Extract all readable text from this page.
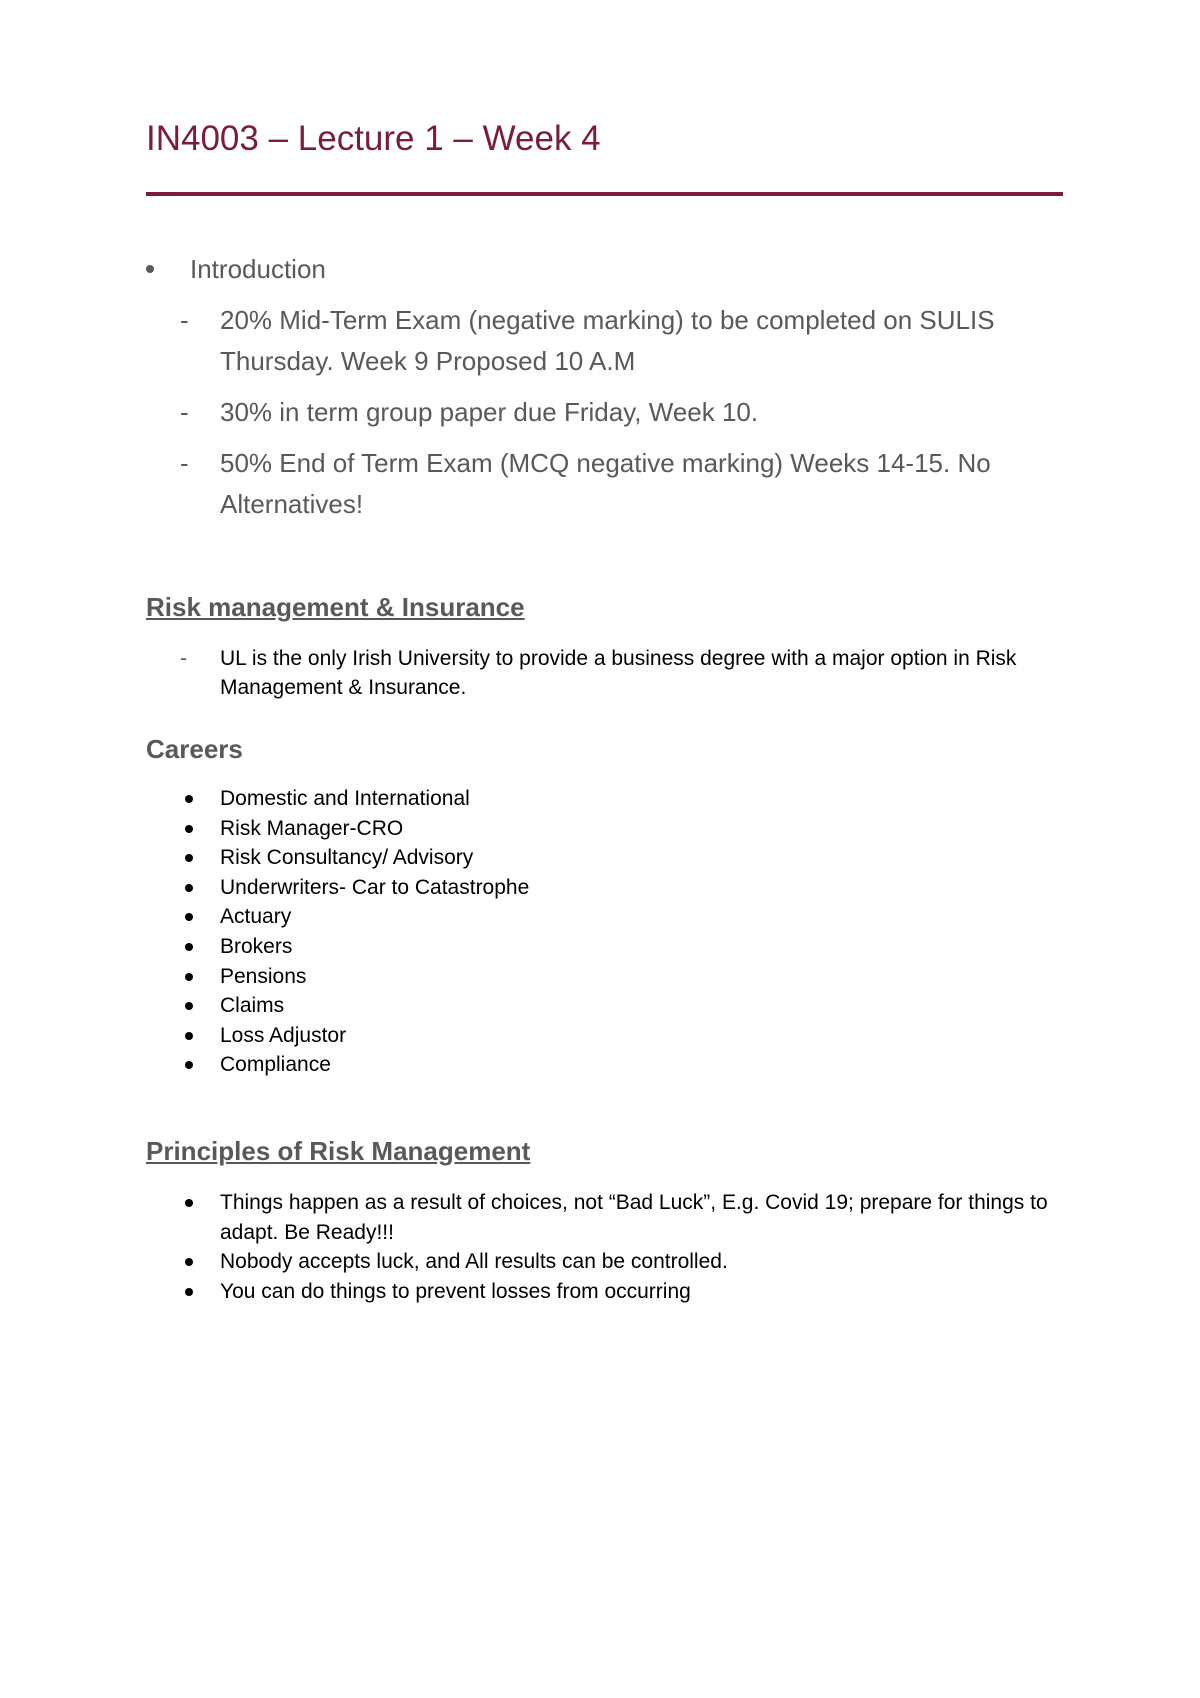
IN4003 – Lecture 1 – Week 4
Introduction
- 20% Mid-Term Exam (negative marking) to be completed on SULIS Thursday. Week 9 Proposed 10 A.M
- 30% in term group paper due Friday, Week 10.
- 50% End of Term Exam (MCQ negative marking) Weeks 14-15. No Alternatives!
Risk management & Insurance
- UL is the only Irish University to provide a business degree with a major option in Risk Management & Insurance.
Careers
Domestic and International
Risk Manager-CRO
Risk Consultancy/ Advisory
Underwriters- Car to Catastrophe
Actuary
Brokers
Pensions
Claims
Loss Adjustor
Compliance
Principles of Risk Management
Things happen as a result of choices, not “Bad Luck”, E.g. Covid 19; prepare for things to adapt. Be Ready!!!
Nobody accepts luck, and All results can be controlled.
You can do things to prevent losses from occurring
